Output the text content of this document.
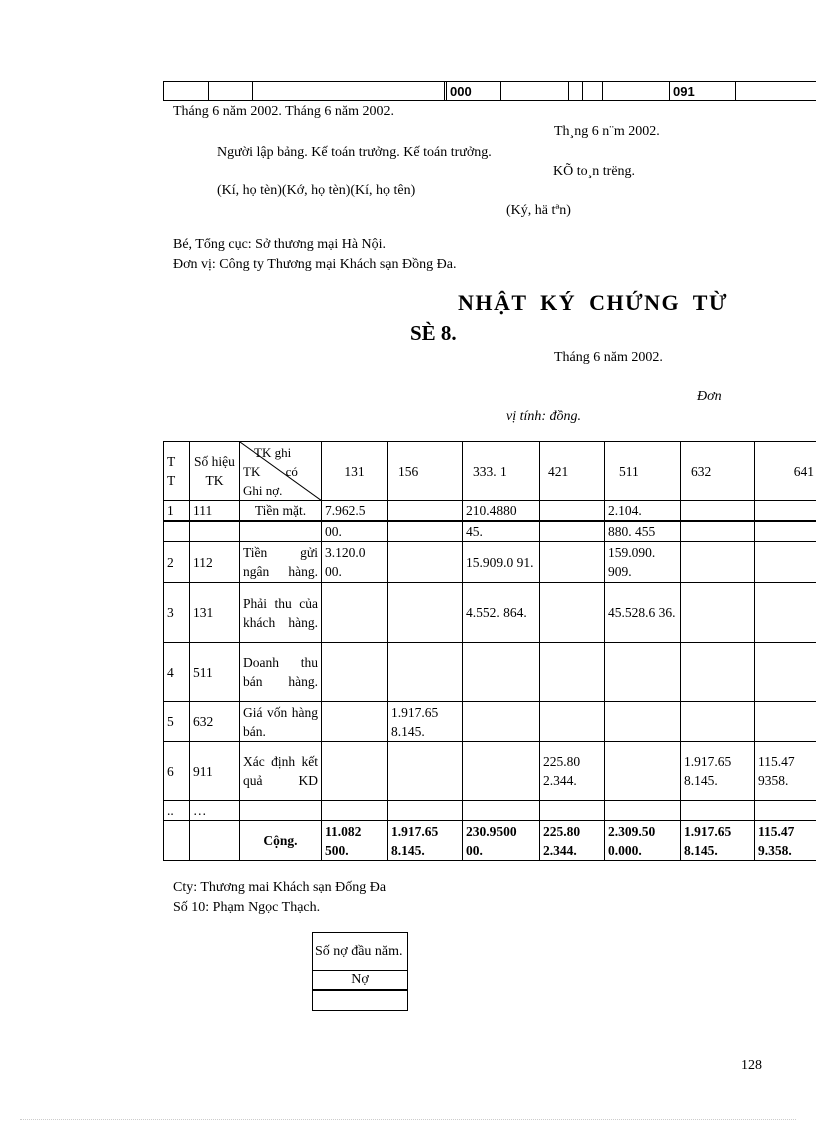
				000					091	
Tháng 6 năm 2002. Tháng 6 năm 2002.
Th¸ng 6 n¨m 2002.
Người lập bảng. Kế toán trưởng. Kế toán trưởng.
KÕ to¸n trëng.
(Kí, họ tèn)(Kớ, họ tèn)(Kí, họ tên)
(Ký, hä tªn)
Bé, Tổng cục: Sở thương mại Hà Nội.
Đơn vị: Công ty Thương mại Khách sạn Đồng Đa.
NHẬT KÝ CHỨNG TỪ
SÈ 8.
Tháng 6 năm 2002.
Đơn
vị tính: đồng.
T T	Số hiệu TK	TK ghi
TK có
Ghi nợ.	131	156	333. 1	421	511	632	641
1	111	Tiền mặt.	7.962.5		210.4880		2.104.		
			00.		45.		880. 455		
2	112	Tiền gửi ngân hàng.	3.120.0 00.		15.909.0 91.		159.090. 909.		
3	131	Phải thu của khách hàng.			4.552. 864.		45.528.6 36.		
4	511	Doanh thu bán hàng.							
5	632	Giá vốn hàng bán.		1.917.65 8.145.					
6	911	Xác định kết quả KD				225.80 2.344.		1.917.65 8.145.	115.47 9358.
..	…								
		Cộng.	11.082 500.	1.917.65 8.145.	230.9500 00.	225.80 2.344.	2.309.50 0.000.	1.917.65 8.145.	115.47 9.358.
Cty: Thương mai Khách sạn Đống Đa
Số 10: Phạm Ngọc Thạch.
Số nợ đầu năm.
Nợ

128
